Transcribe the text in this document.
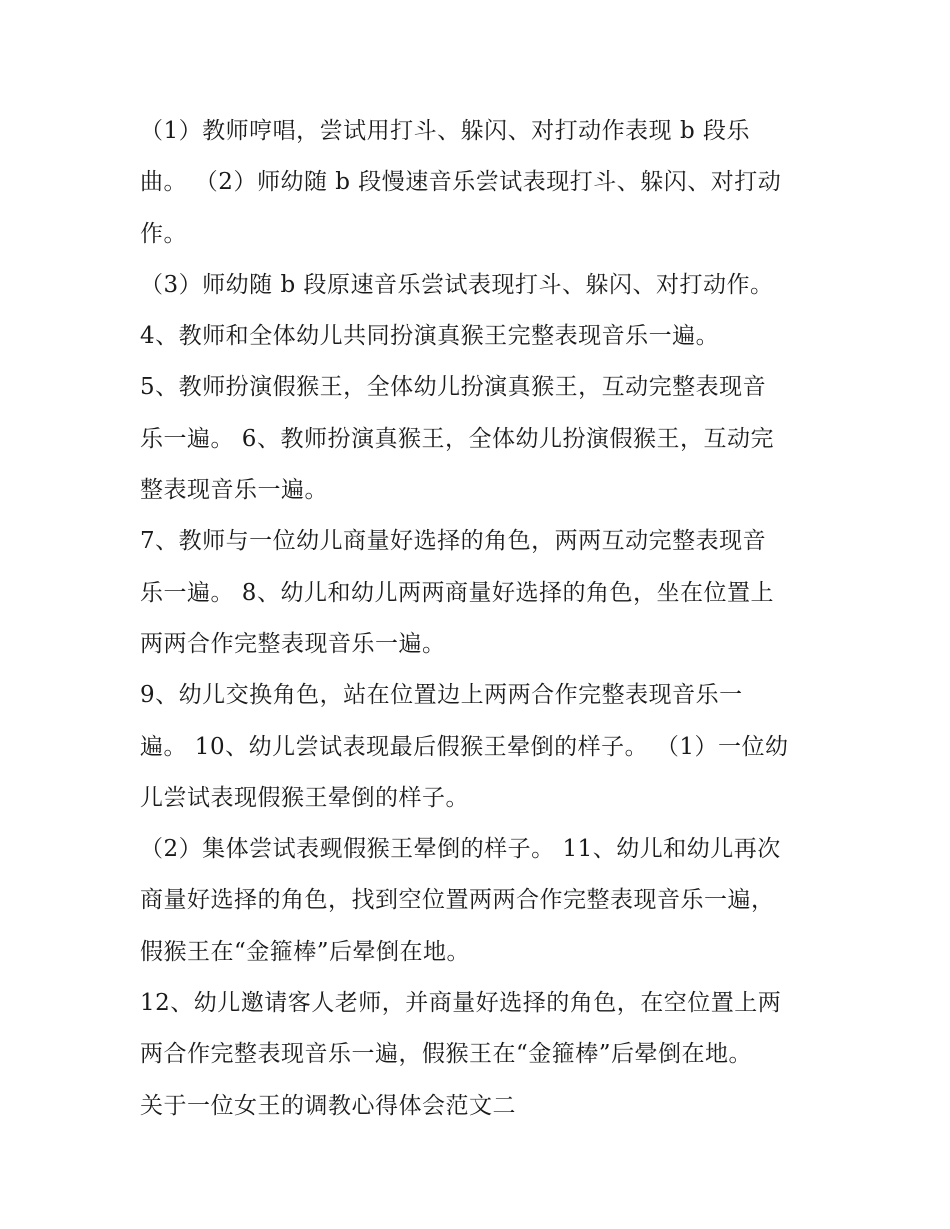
（1）教师哼唱，尝试用打斗、躲闪、对打动作表现 b 段乐
曲。 （2）师幼随 b 段慢速音乐尝试表现打斗、躲闪、对打动
作。
（3）师幼随 b 段原速音乐尝试表现打斗、躲闪、对打动作。
4、教师和全体幼儿共同扮演真猴王完整表现音乐一遍。
5、教师扮演假猴王，全体幼儿扮演真猴王，互动完整表现音
乐一遍。 6、教师扮演真猴王，全体幼儿扮演假猴王，互动完
整表现音乐一遍。
7、教师与一位幼儿商量好选择的角色，两两互动完整表现音
乐一遍。 8、幼儿和幼儿两两商量好选择的角色，坐在位置上
两两合作完整表现音乐一遍。
9、幼儿交换角色，站在位置边上两两合作完整表现音乐一
遍。 10、幼儿尝试表现最后假猴王晕倒的样子。 （1）一位幼
儿尝试表现假猴王晕倒的样子。
（2）集体尝试表觋假猴王晕倒的样子。 11、幼儿和幼儿再次
商量好选择的角色，找到空位置两两合作完整表现音乐一遍，
假猴王在“金箍棒”后晕倒在地。
12、幼儿邀请客人老师，并商量好选择的角色，在空位置上两
两合作完整表现音乐一遍，假猴王在“金箍棒”后晕倒在地。
关于一位女王的调教心得体会范文二
